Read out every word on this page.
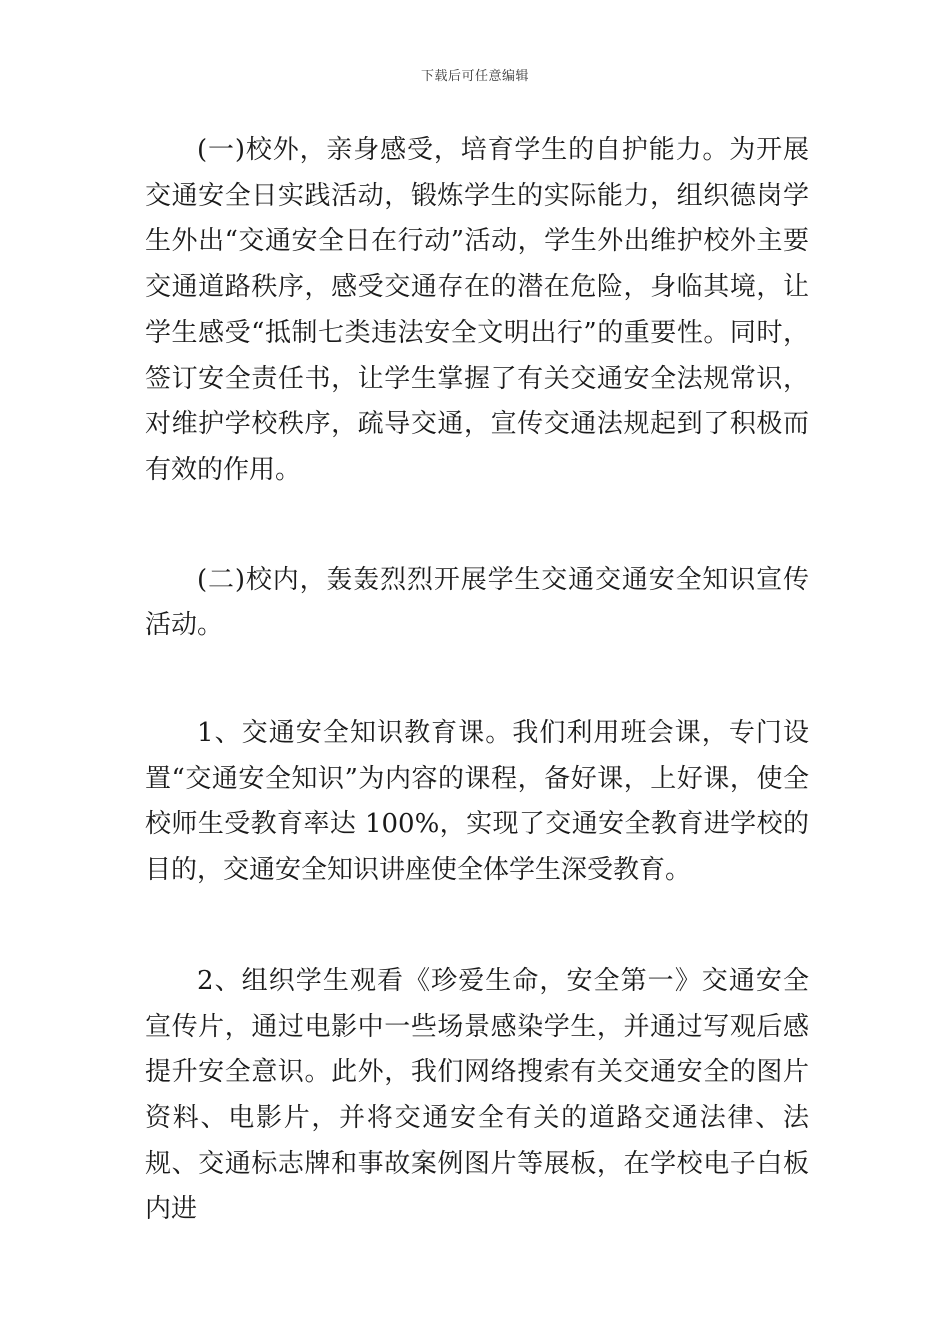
下载后可任意编辑

(一)校外，亲身感受，培育学生的自护能力。为开展交通安全日实践活动，锻炼学生的实际能力，组织德岗学生外出“交通安全日在行动”活动，学生外出维护校外主要交通道路秩序，感受交通存在的潜在危险，身临其境，让学生感受“抵制七类违法安全文明出行”的重要性。同时，签订安全责任书，让学生掌握了有关交通安全法规常识，对维护学校秩序，疏导交通，宣传交通法规起到了积极而有效的作用。

(二)校内，轰轰烈烈开展学生交通交通安全知识宣传活动。

1、交通安全知识教育课。我们利用班会课，专门设置“交通安全知识”为内容的课程，备好课，上好课，使全校师生受教育率达 100%，实现了交通安全教育进学校的目的，交通安全知识讲座使全体学生深受教育。

2、组织学生观看《珍爱生命，安全第一》交通安全宣传片，通过电影中一些场景感染学生，并通过写观后感提升安全意识。此外，我们网络搜索有关交通安全的图片资料、电影片，并将交通安全有关的道路交通法律、法规、交通标志牌和事故案例图片等展板，在学校电子白板内进
